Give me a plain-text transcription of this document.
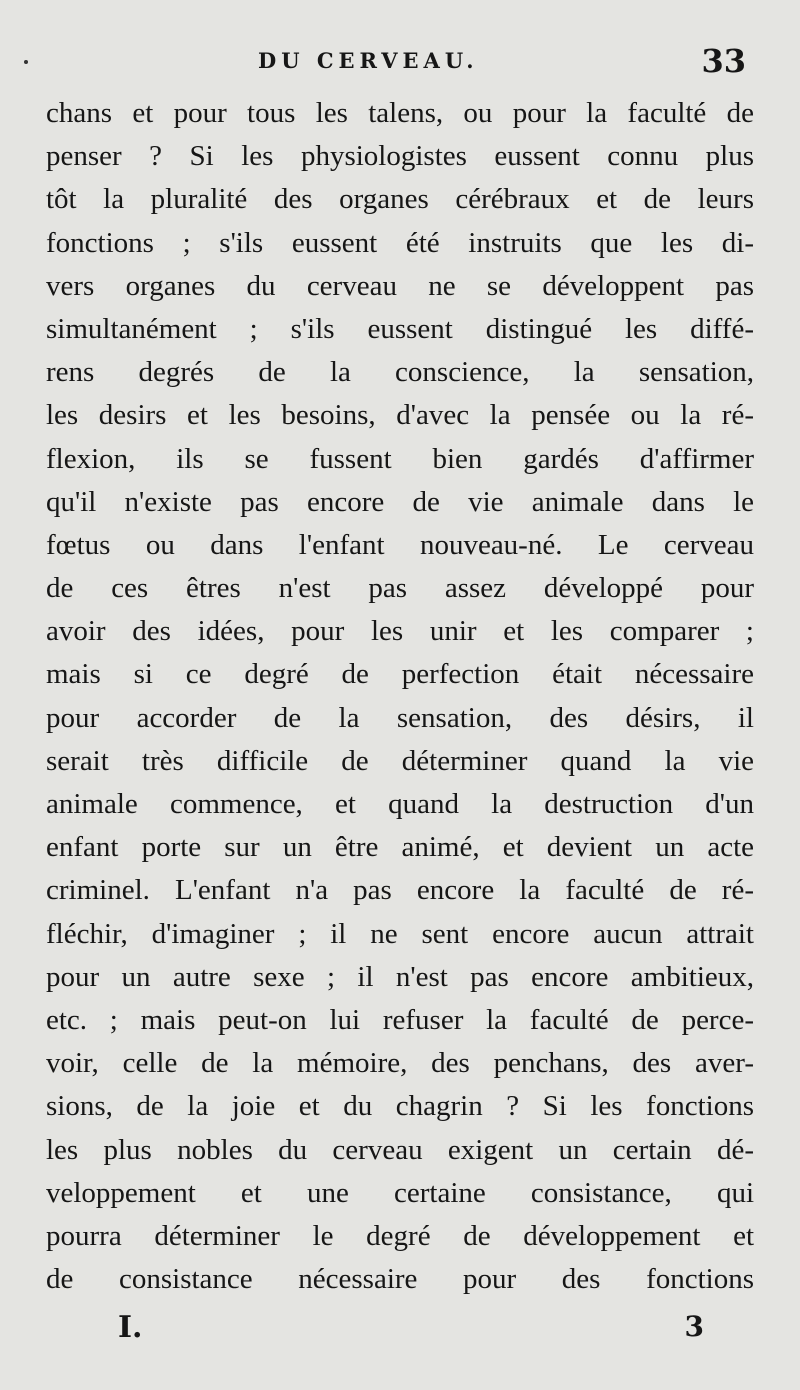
DU CERVEAU.	33
chans et pour tous les talens, ou pour la faculté de
penser ? Si les physiologistes eussent connu plus
tôt la pluralité des organes cérébraux et de leurs
fonctions ; s'ils eussent été instruits que les di-
vers organes du cerveau ne se développent pas
simultanément ; s'ils eussent distingué les diffé-
rens degrés de la conscience, la sensation,
les desirs et les besoins, d'avec la pensée ou la ré-
flexion, ils se fussent bien gardés d'affirmer
qu'il n'existe pas encore de vie animale dans le
fœtus ou dans l'enfant nouveau-né. Le cerveau
de ces êtres n'est pas assez développé pour
avoir des idées, pour les unir et les comparer ;
mais si ce degré de perfection était nécessaire
pour accorder de la sensation, des désirs, il
serait très difficile de déterminer quand la vie
animale commence, et quand la destruction d'un
enfant porte sur un être animé, et devient un acte
criminel. L'enfant n'a pas encore la faculté de ré-
fléchir, d'imaginer ; il ne sent encore aucun attrait
pour un autre sexe ; il n'est pas encore ambitieux,
etc. ; mais peut-on lui refuser la faculté de perce-
voir, celle de la mémoire, des penchans, des aver-
sions, de la joie et du chagrin ? Si les fonctions
les plus nobles du cerveau exigent un certain dé-
veloppement et une certaine consistance, qui
pourra déterminer le degré de développement et
de consistance nécessaire pour des fonctions
I.	3
